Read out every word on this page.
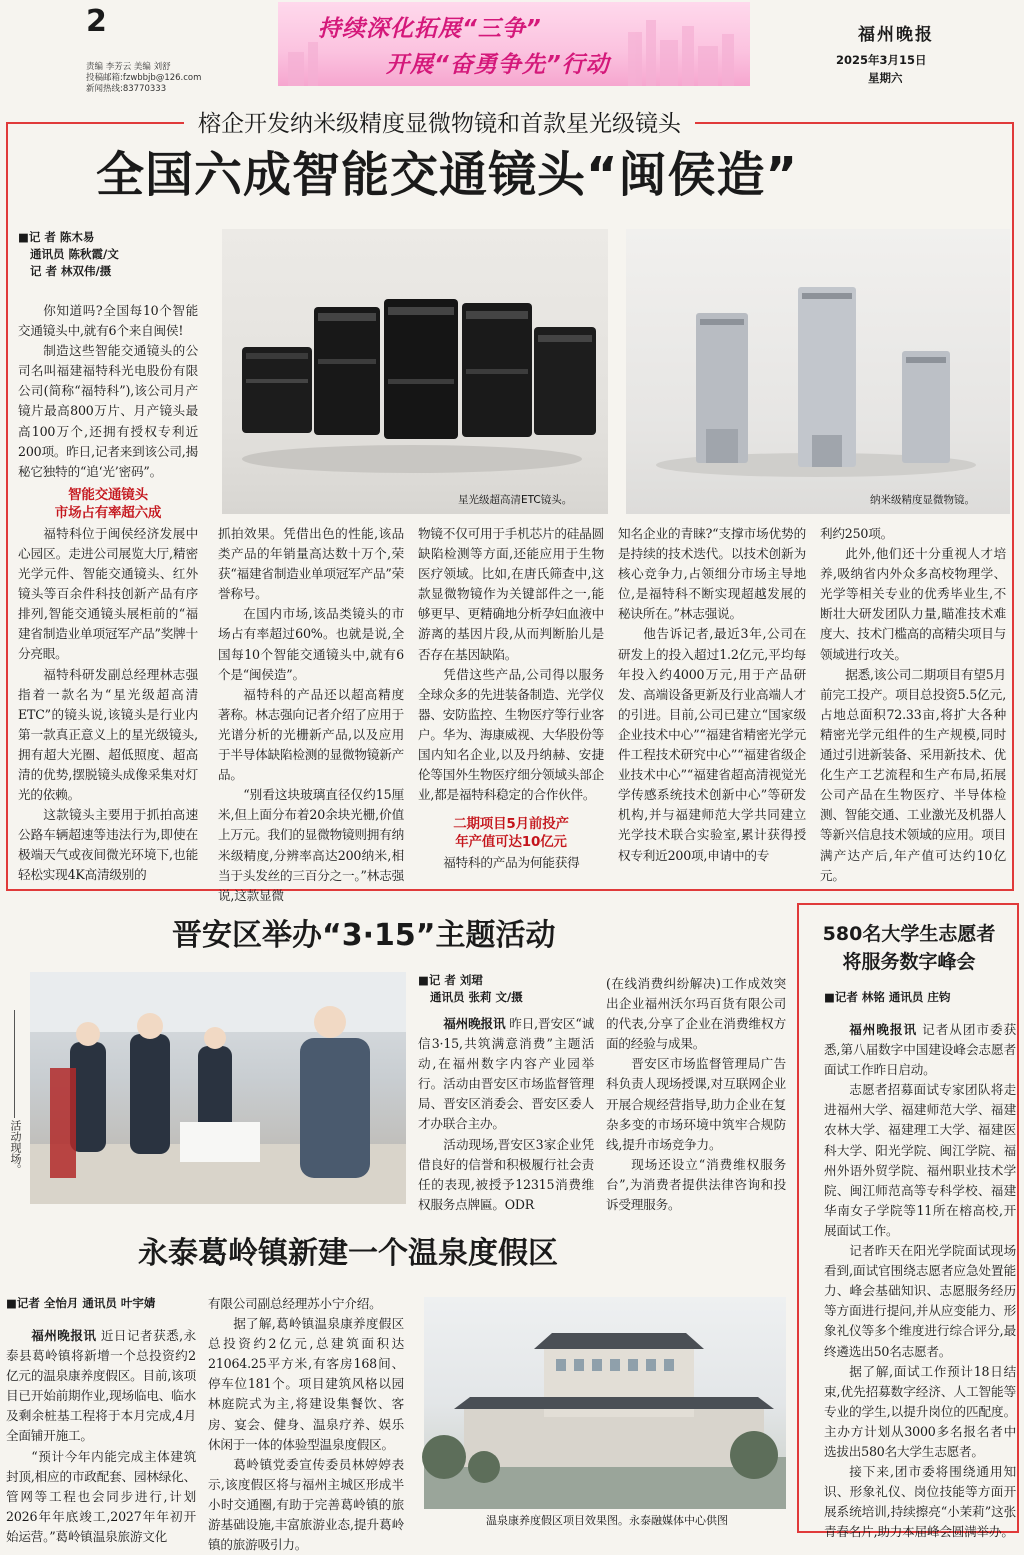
2
责编 李芳云 美编 刘舒
投稿邮箱:fzwbbjb@126.com
新闻热线:83770333
持续深化拓展“三争”
开展“奋勇争先”行动
福州晚报
2025年3月15日
星期六
榕企开发纳米级精度显微物镜和首款星光级镜头
全国六成智能交通镜头“闽侯造”
■记 者 陈木易
通讯员 陈秋霞/文
记 者 林双伟/摄
星光级超高清ETC镜头。	纳米级精度显微物镜。

你知道吗?全国每10个智能交通镜头中,就有6个来自闽侯!

制造这些智能交通镜头的公司名叫福建福特科光电股份有限公司(简称“福特科”),该公司月产镜片最高800万片、月产镜头最高100万个,还拥有授权专利近200项。昨日,记者来到该公司,揭秘它独特的“追‘光’密码”。

智能交通镜头
市场占有率超六成

福特科位于闽侯经济发展中心园区。走进公司展览大厅,精密光学元件、智能交通镜头、红外镜头等百余件科技创新产品有序排列,智能交通镜头展柜前的“福建省制造业单项冠军产品”奖牌十分亮眼。

福特科研发副总经理林志强指着一款名为“星光级超高清ETC”的镜头说,该镜头是行业内第一款真正意义上的星光级镜头,拥有超大光圈、超低照度、超高清的优势,摆脱镜头成像采集对灯光的依赖。

这款镜头主要用于抓拍高速公路车辆超速等违法行为,即使在极端天气或夜间微光环境下,也能轻松实现4K高清级别的

抓拍效果。凭借出色的性能,该品类产品的年销量高达数十万个,荣获“福建省制造业单项冠军产品”荣誉称号。

在国内市场,该品类镜头的市场占有率超过60%。也就是说,全国每10个智能交通镜头中,就有6个是“闽侯造”。

福特科的产品还以超高精度著称。林志强向记者介绍了应用于光谱分析的光栅新产品,以及应用于半导体缺陷检测的显微物镜新产品。

“别看这块玻璃直径仅约15厘米,但上面分布着20余块光栅,价值上万元。我们的显微物镜则拥有纳米级精度,分辨率高达200纳米,相当于头发丝的三百分之一。”林志强说,这款显微

物镜不仅可用于手机芯片的硅晶圆缺陷检测等方面,还能应用于生物医疗领域。比如,在唐氏筛查中,这款显微物镜作为关键部件之一,能够更早、更精确地分析孕妇血液中游离的基因片段,从而判断胎儿是否存在基因缺陷。

凭借这些产品,公司得以服务全球众多的先进装备制造、光学仪器、安防监控、生物医疗等行业客户。华为、海康威视、大华股份等国内知名企业,以及丹纳赫、安捷伦等国外生物医疗细分领域头部企业,都是福特科稳定的合作伙伴。

二期项目5月前投产
年产值可达10亿元

福特科的产品为何能获得

知名企业的青睐?“支撑市场优势的是持续的技术迭代。以技术创新为核心竞争力,占领细分市场主导地位,是福特科不断实现超越发展的秘诀所在。”林志强说。

他告诉记者,最近3年,公司在研发上的投入超过1.2亿元,平均每年投入约4000万元,用于产品研发、高端设备更新及行业高端人才的引进。目前,公司已建立“国家级企业技术中心”“福建省精密光学元件工程技术研究中心”“福建省级企业技术中心”“福建省超高清视觉光学传感系统技术创新中心”等研发机构,并与福建师范大学共同建立光学技术联合实验室,累计获得授权专利近200项,申请中的专

利约250项。

此外,他们还十分重视人才培养,吸纳省内外众多高校物理学、光学等相关专业的优秀毕业生,不断壮大研发团队力量,瞄准技术难度大、技术门槛高的高精尖项目与领域进行攻关。

据悉,该公司二期项目有望5月前完工投产。项目总投资5.5亿元,占地总面积72.33亩,将扩大各种精密光学元组件的生产规模,同时通过引进新装备、采用新技术、优化生产工艺流程和生产布局,拓展公司产品在生物医疗、半导体检测、智能交通、工业激光及机器人等新兴信息技术领域的应用。项目满产达产后,年产值可达约10亿元。

晋安区举办“3·15”主题活动
活动现场。
■记 者 刘珺
通讯员 张莉 文/摄

福州晚报讯 昨日,晋安区“诚信3·15,共筑满意消费”主题活动,在福州数字内容产业园举行。活动由晋安区市场监督管理局、晋安区消委会、晋安区委人才办联合主办。

活动现场,晋安区3家企业凭借良好的信誉和积极履行社会责任的表现,被授予12315消费维权服务点牌匾。ODR

(在线消费纠纷解决)工作成效突出企业福州沃尔玛百货有限公司的代表,分享了企业在消费维权方面的经验与成果。

晋安区市场监督管理局广告科负责人现场授课,对互联网企业开展合规经营指导,助力企业在复杂多变的市场环境中筑牢合规防线,提升市场竞争力。

现场还设立“消费维权服务台”,为消费者提供法律咨询和投诉受理服务。

永泰葛岭镇新建一个温泉度假区
■记者 全怡月 通讯员 叶宇婧

福州晚报讯 近日记者获悉,永泰县葛岭镇将新增一个总投资约2亿元的温泉康养度假区。目前,该项目已开始前期作业,现场临电、临水及剩余桩基工程将于本月完成,4月全面铺开施工。

“预计今年内能完成主体建筑封顶,相应的市政配套、园林绿化、管网等工程也会同步进行,计划2026年年底竣工,2027年年初开始运营。”葛岭镇温泉旅游文化

有限公司副总经理苏小宁介绍。

据了解,葛岭镇温泉康养度假区总投资约2亿元,总建筑面积达21064.25平方米,有客房168间、停车位181个。项目建筑风格以园林庭院式为主,将建设集餐饮、客房、宴会、健身、温泉疗养、娱乐休闲于一体的体验型温泉度假区。

葛岭镇党委宣传委员林婷婷表示,该度假区将与福州主城区形成半小时交通圈,有助于完善葛岭镇的旅游基础设施,丰富旅游业态,提升葛岭镇的旅游吸引力。

温泉康养度假区项目效果图。永泰融媒体中心供图
580名大学生志愿者
将服务数字峰会
■记者 林铭 通讯员 庄钧

福州晚报讯 记者从团市委获悉,第八届数字中国建设峰会志愿者面试工作昨日启动。

志愿者招募面试专家团队将走进福州大学、福建师范大学、福建农林大学、福建理工大学、福建医科大学、阳光学院、闽江学院、福州外语外贸学院、福州职业技术学院、闽江师范高等专科学校、福建华南女子学院等11所在榕高校,开展面试工作。

记者昨天在阳光学院面试现场看到,面试官围绕志愿者应急处置能力、峰会基础知识、志愿服务经历等方面进行提问,并从应变能力、形象礼仪等多个维度进行综合评分,最终遴选出50名志愿者。

据了解,面试工作预计18日结束,优先招募数字经济、人工智能等专业的学生,以提升岗位的匹配度。主办方计划从3000多名报名者中选拔出580名大学生志愿者。

接下来,团市委将围绕通用知识、形象礼仪、岗位技能等方面开展系统培训,持续擦亮“小茉莉”这张青春名片,助力本届峰会圆满举办。
